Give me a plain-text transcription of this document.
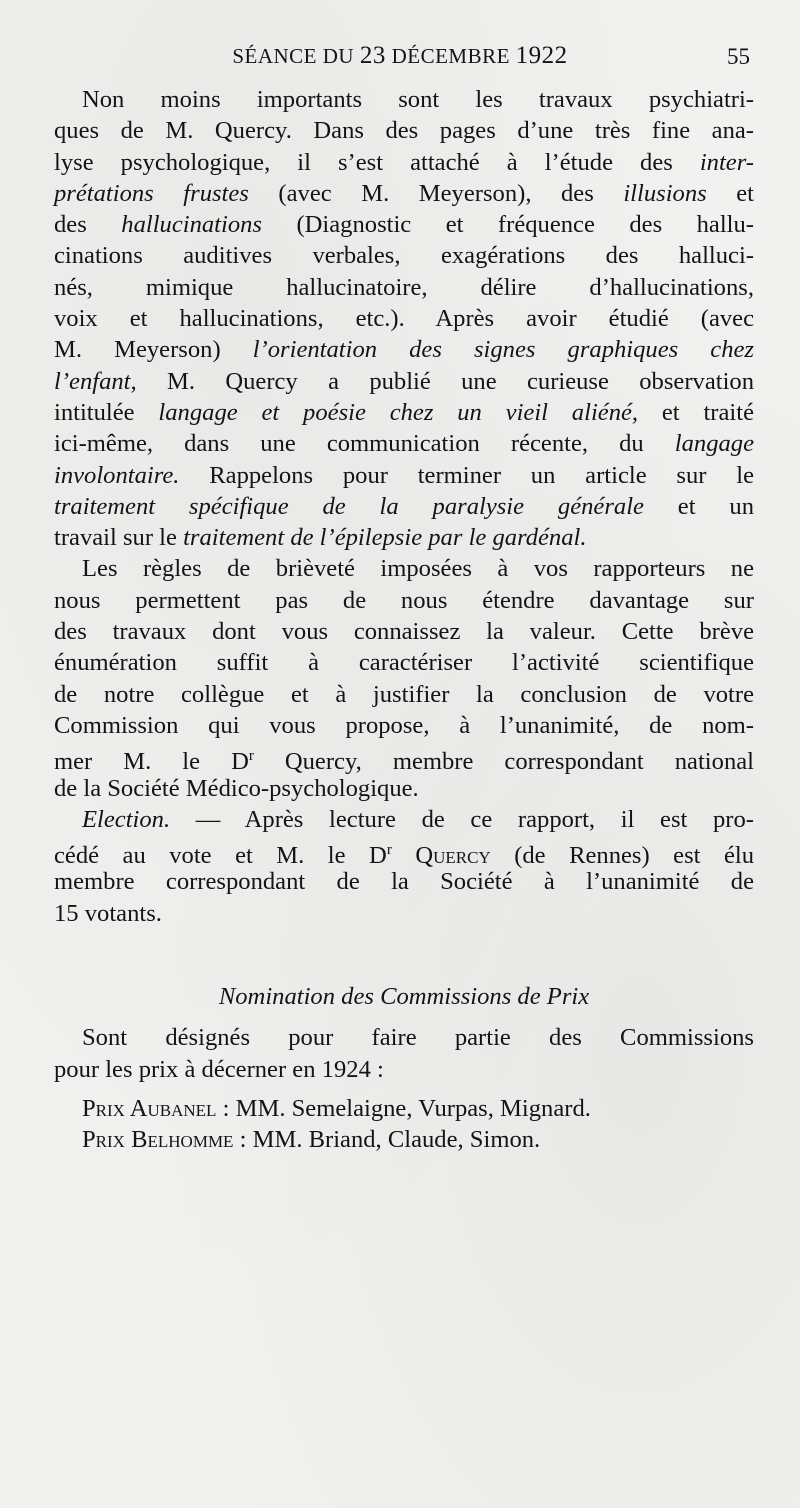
SÉANCE DU 23 DÉCEMBRE 1922	55
Non moins importants sont les travaux psychiatri-
ques de M. Quercy. Dans des pages d’une très fine ana-
lyse psychologique, il s’est attaché à l’étude des inter-
prétations frustes (avec M. Meyerson), des illusions et
des hallucinations (Diagnostic et fréquence des hallu-
cinations auditives verbales, exagérations des halluci-
nés, mimique hallucinatoire, délire d’hallucinations,
voix et hallucinations, etc.). Après avoir étudié (avec
M. Meyerson) l’orientation des signes graphiques chez
l’enfant, M. Quercy a publié une curieuse observation
intitulée langage et poésie chez un vieil aliéné, et traité
ici-même, dans une communication récente, du langage
involontaire. Rappelons pour terminer un article sur le
traitement spécifique de la paralysie générale et un
travail sur le traitement de l’épilepsie par le gardénal.
Les règles de brièveté imposées à vos rapporteurs ne
nous permettent pas de nous étendre davantage sur
des travaux dont vous connaissez la valeur. Cette brève
énumération suffit à caractériser l’activité scientifique
de notre collègue et à justifier la conclusion de votre
Commission qui vous propose, à l’unanimité, de nom-
mer M. le $D^r$ Quercy, membre correspondant national
de la Société Médico-psychologique.
Election. — Après lecture de ce rapport, il est pro-
cédé au vote et M. le $D^r$ Quercy (de Rennes) est élu
membre correspondant de la Société à l’unanimité de
15 votants.
Nomination des Commissions de Prix
Sont désignés pour faire partie des Commissions
pour les prix à décerner en 1924 :
Prix Aubanel : MM. Semelaigne, Vurpas, Mignard.
Prix Belhomme : MM. Briand, Claude, Simon.
